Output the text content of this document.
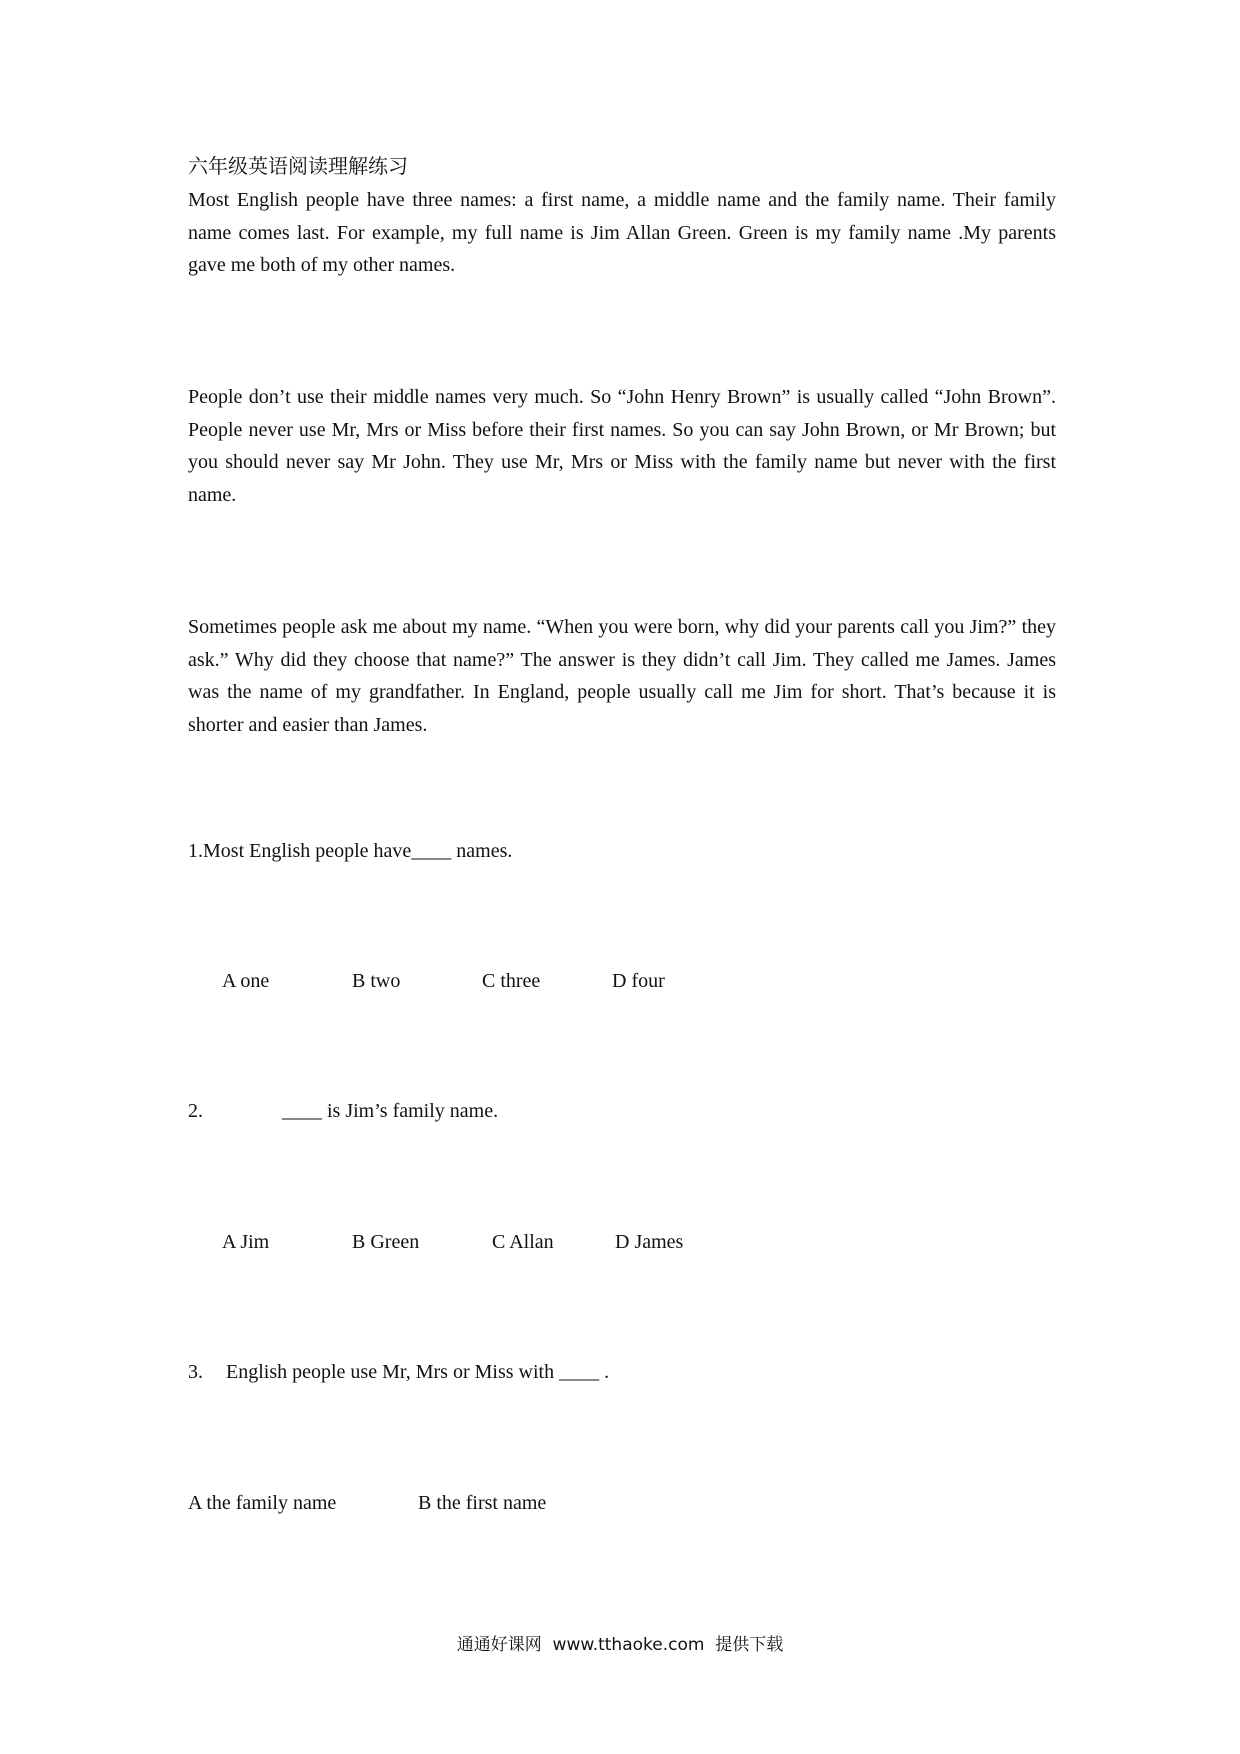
六年级英语阅读理解练习
Most English people have three names: a first name, a middle name and the family name. Their family name comes last. For example, my full name is Jim Allan Green. Green is my family name .My parents gave me both of my other names.
People don’t use their middle names very much. So “John Henry Brown” is usually called “John Brown”. People never use Mr, Mrs or Miss before their first names. So you can say John Brown, or Mr Brown; but you should never say Mr John. They use Mr, Mrs or Miss with the family name but never with the first name.
Sometimes people ask me about my name. “When you were born, why did your parents call you Jim?” they ask.” Why did they choose that name?” The answer is they didn’t call Jim. They called me James. James was the name of my grandfather. In England, people usually call me Jim for short. That’s because it is shorter and easier than James.
1.Most English people have____ names.
A one	B two	C three	D four
2.	____ is Jim’s family name.
A Jim	B Green	C Allan	D James
3. English people use Mr, Mrs or Miss with ____ .
A the family name	B the first name
通通好课网  www.tthaoke.com  提供下载
